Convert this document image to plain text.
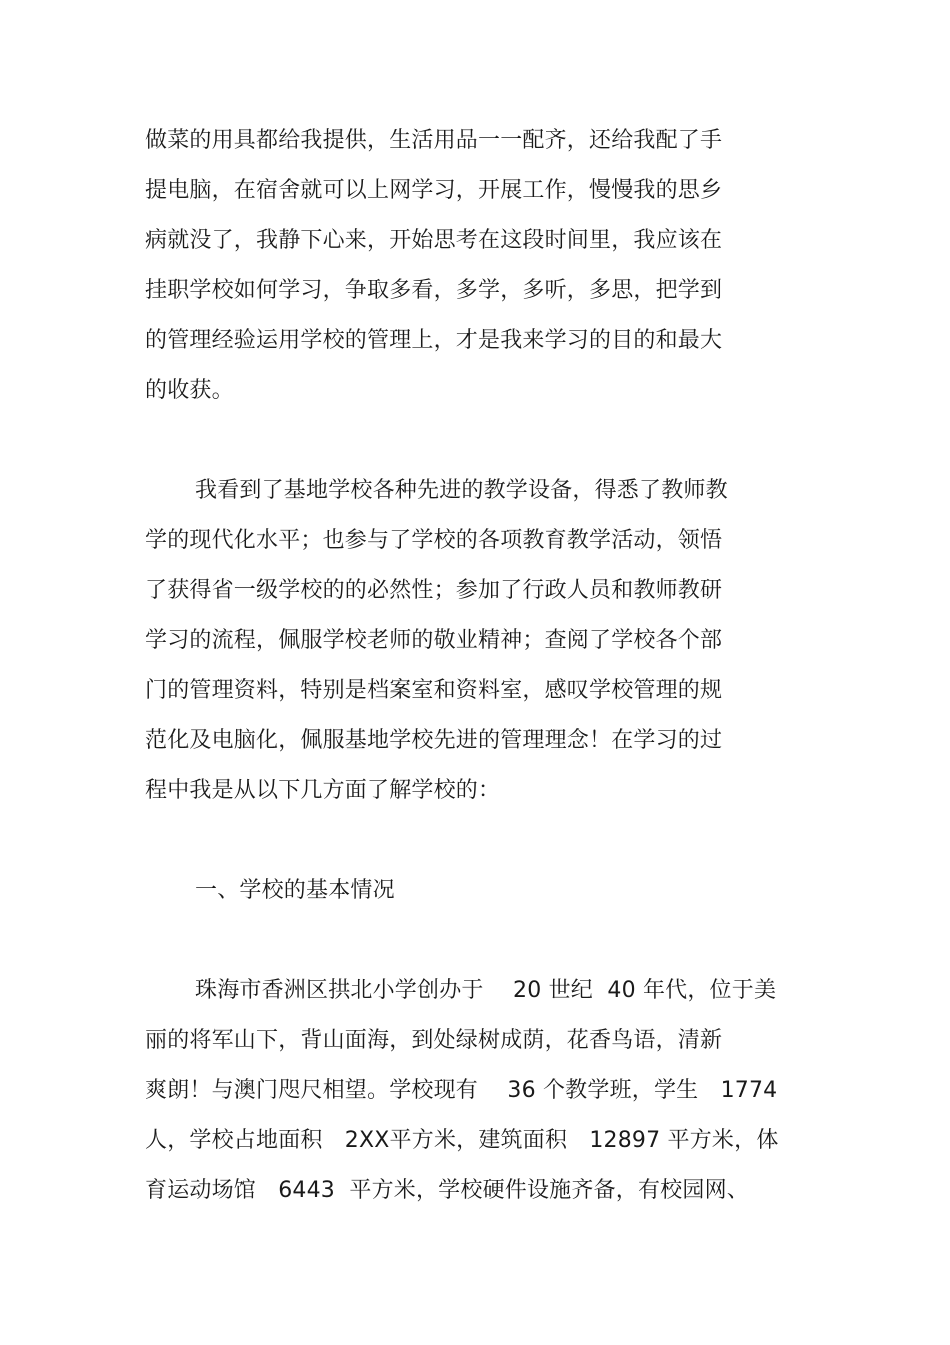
做菜的用具都给我提供，生活用品一一配齐，还给我配了手
提电脑，在宿舍就可以上网学习，开展工作，慢慢我的思乡
病就没了，我静下心来，开始思考在这段时间里，我应该在
挂职学校如何学习，争取多看，多学，多听，多思，把学到
的管理经验运用学校的管理上，才是我来学习的目的和最大
的收获。
我看到了基地学校各种先进的教学设备，得悉了教师教
学的现代化水平；也参与了学校的各项教育教学活动，领悟
了获得省一级学校的的必然性；参加了行政人员和教师教研
学习的流程，佩服学校老师的敬业精神；查阅了学校各个部
门的管理资料，特别是档案室和资料室，感叹学校管理的规
范化及电脑化，佩服基地学校先进的管理理念！在学习的过
程中我是从以下几方面了解学校的：
一、学校的基本情况
珠海市香洲区拱北小学创办于　 20 世纪  40 年代，位于美
丽的将军山下，背山面海，到处绿树成荫，花香鸟语，清新
爽朗！与澳门咫尺相望。学校现有　 36 个教学班，学生　1774
人，学校占地面积　2XX平方米，建筑面积　12897 平方米，体
育运动场馆　6443  平方米，学校硬件设施齐备，有校园网、
